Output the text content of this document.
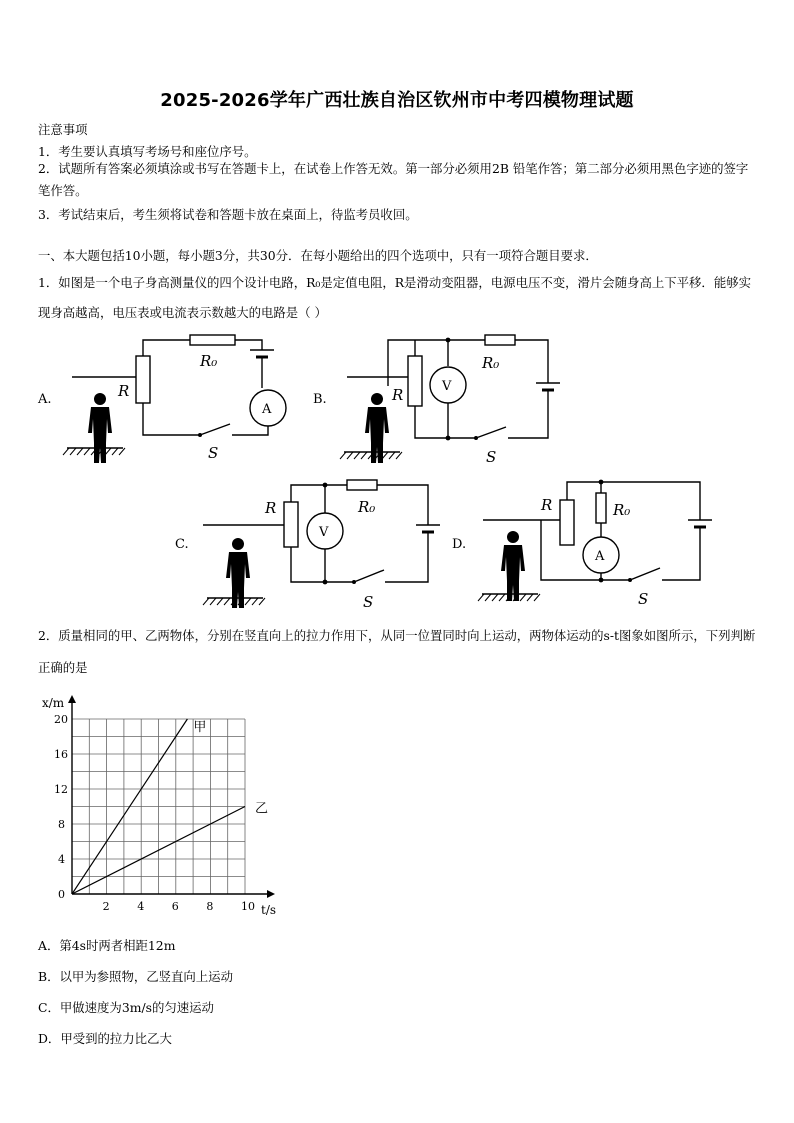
2025-2026学年广西壮族自治区钦州市中考四模物理试题
注意事项
1．考生要认真填写考场号和座位序号。
2．试题所有答案必须填涂或书写在答题卡上，在试卷上作答无效。第一部分必须用2B 铅笔作答；第二部分必须用黑色字迹的签字笔作答。
3．考试结束后，考生须将试卷和答题卡放在桌面上，待监考员收回。
一、本大题包括10小题，每小题3分，共30分．在每小题给出的四个选项中，只有一项符合题目要求．
1．如图是一个电子身高测量仪的四个设计电路，R₀是定值电阻，R是滑动变阻器，电源电压不变，滑片会随身高上下平移．能够实现身高越高，电压表或电流表示数越大的电路是（ ）
A.	R
R₀
A
S
B.	R
R₀
V
S
C.
R	R₀
V
S
D.
R	R₀
A
S
2．质量相同的甲、乙两物体，分别在竖直向上的拉力作用下，从同一位置同时向上运动，两物体运动的s-t图象如图所示，下列判断正确的是
2	4	6	8	10
0
4
8
12
16
20
t/s
x/m
甲
乙
A．第4s时两者相距12m
B．以甲为参照物，乙竖直向上运动
C．甲做速度为3m/s的匀速运动
D．甲受到的拉力比乙大
